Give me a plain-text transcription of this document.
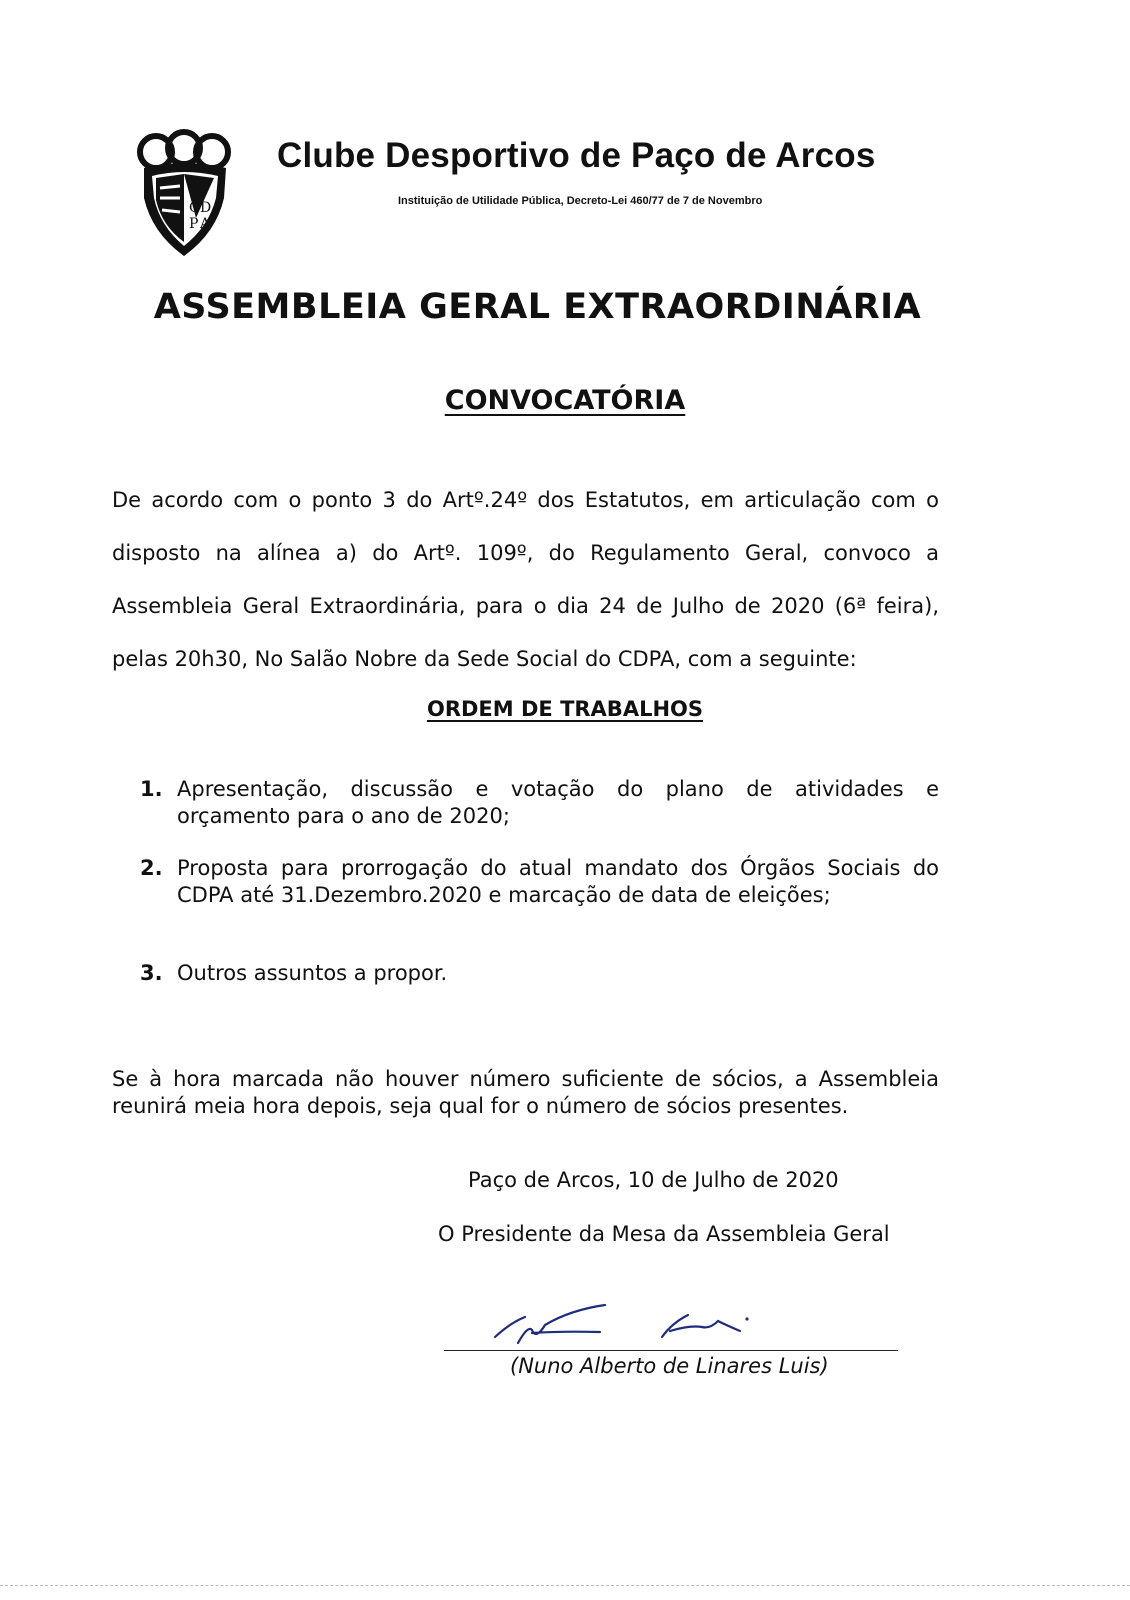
C D
P A
Clube Desportivo de Paço de Arcos
Instituição de Utilidade Pública, Decreto-Lei 460/77 de 7 de Novembro
ASSEMBLEIA GERAL EXTRAORDINÁRIA
CONVOCATÓRIA
De acordo com o ponto 3 do Artº.24º dos Estatutos, em articulação com o
disposto na alínea a) do Artº. 109º, do Regulamento Geral, convoco a
Assembleia Geral Extraordinária, para o dia 24 de Julho de 2020 (6ª feira),
pelas 20h30, No Salão Nobre da Sede Social do CDPA, com a seguinte:
ORDEM DE TRABALHOS
1. Apresentação, discussão e votação do plano de atividades e
orçamento para o ano de 2020;
2. Proposta para prorrogação do atual mandato dos Órgãos Sociais do
CDPA até 31.Dezembro.2020 e marcação de data de eleições;
3. Outros assuntos a propor.
Se à hora marcada não houver número suficiente de sócios, a Assembleia
reunirá meia hora depois, seja qual for o número de sócios presentes.
Paço de Arcos, 10 de Julho de 2020
O Presidente da Mesa da Assembleia Geral
(Nuno Alberto de Linares Luis)
